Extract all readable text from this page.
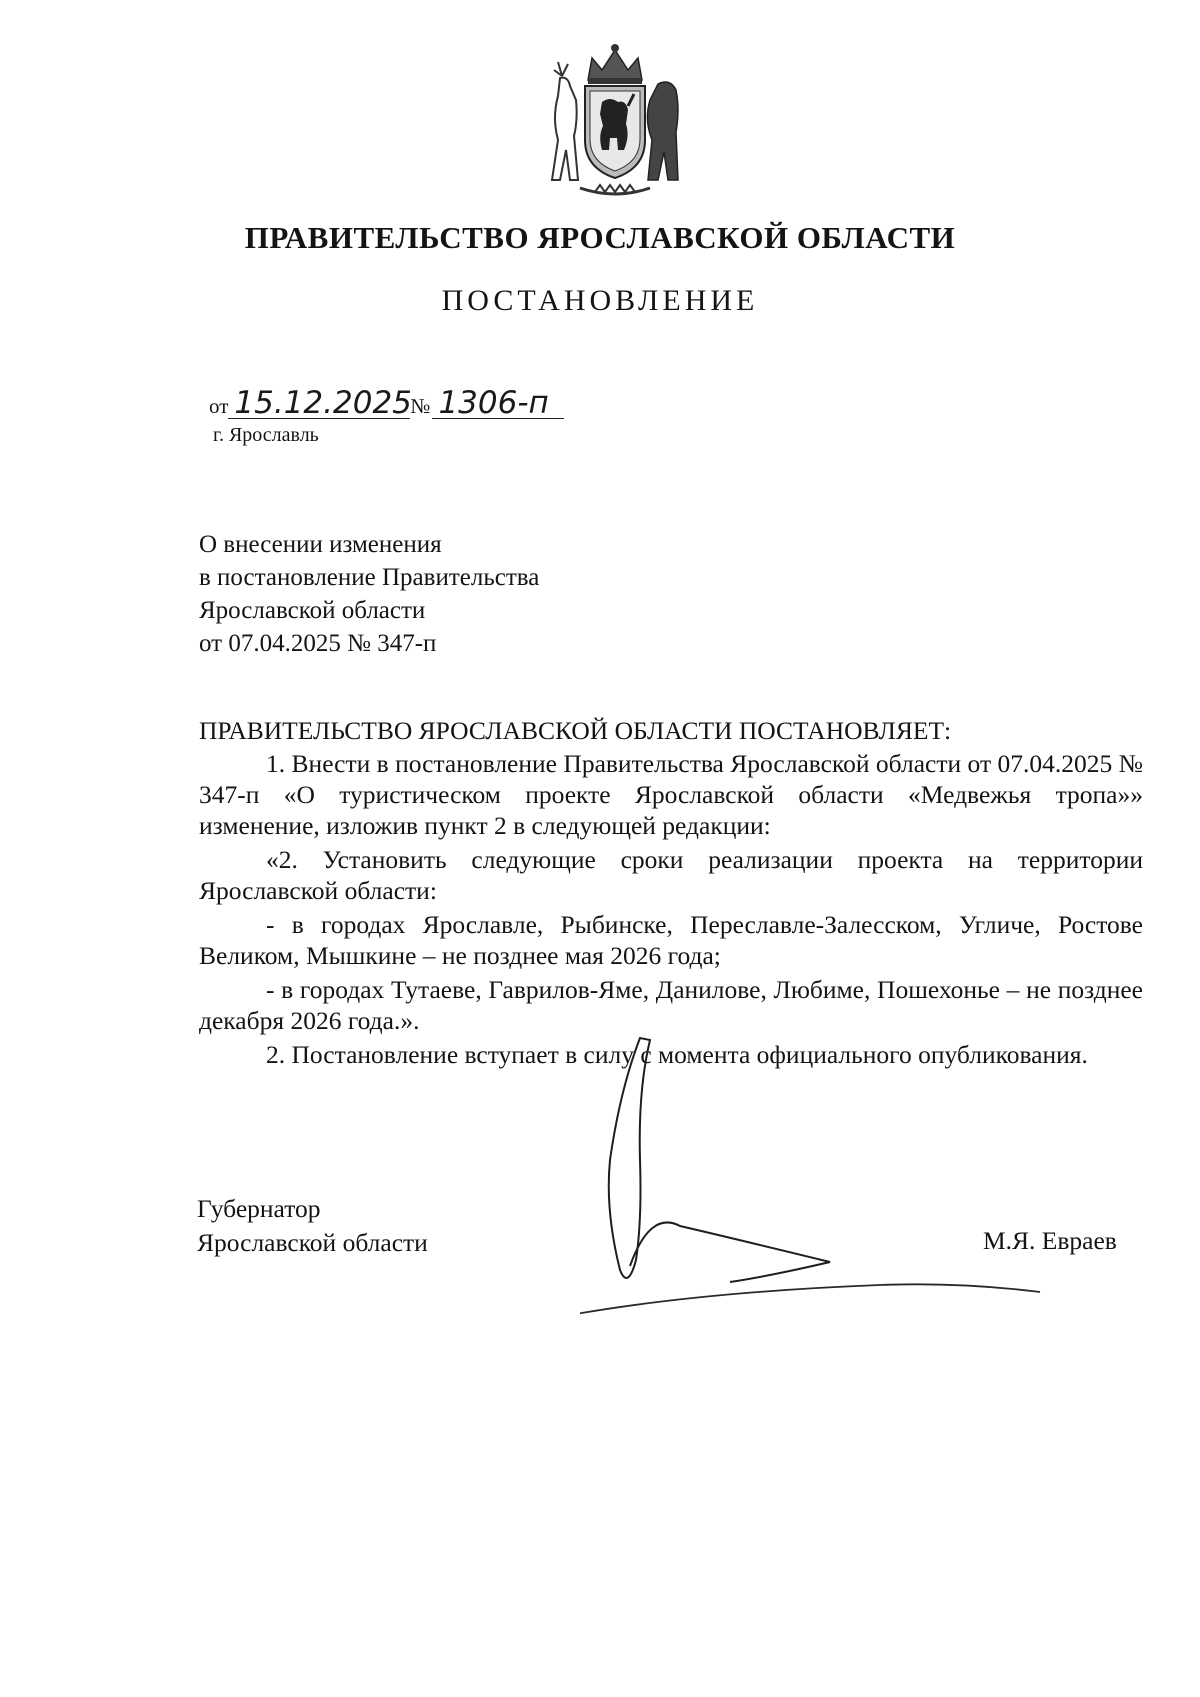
ПРАВИТЕЛЬСТВО ЯРОСЛАВСКОЙ ОБЛАСТИ
ПОСТАНОВЛЕНИЕ
от 15.12.2025№ 1306-п
г. Ярославль
О внесении изменения
в постановление Правительства
Ярославской области
от 07.04.2025 № 347-п
ПРАВИТЕЛЬСТВО ЯРОСЛАВСКОЙ ОБЛАСТИ ПОСТАНОВЛЯЕТ:

1. Внести в постановление Правительства Ярославской области от 07.04.2025 № 347-п «О туристическом проекте Ярославской области «Медвежья тропа»» изменение, изложив пункт 2 в следующей редакции:

«2. Установить следующие сроки реализации проекта на территории Ярославской области:

- в городах Ярославле, Рыбинске, Переславле-Залесском, Угличе, Ростове Великом, Мышкине – не позднее мая 2026 года;

- в городах Тутаеве, Гаврилов-Яме, Данилове, Любиме, Пошехонье – не позднее декабря 2026 года.».

2. Постановление вступает в силу с момента официального опубликования.

Губернатор
Ярославской области	М.Я. Евраев
